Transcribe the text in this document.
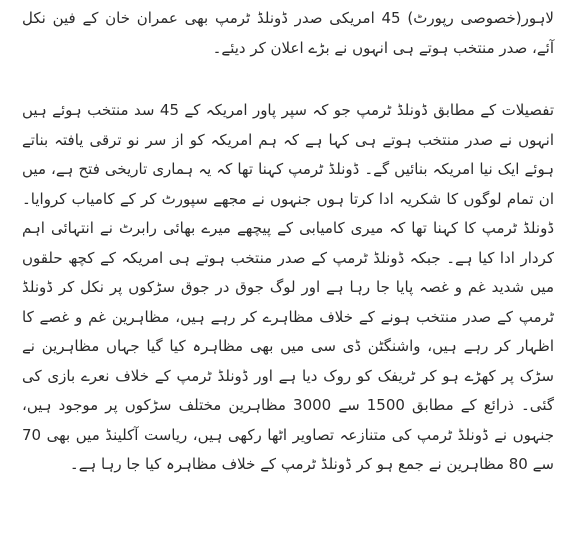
لاہور(خصوصی رپورٹ) 45 امریکی صدر ڈونلڈ ٹرمپ بھی عمران خان کے فین نکل آئے، صدر منتخب ہوتے ہی انہوں نے بڑے اعلان کر دیئے۔

تفصیلات کے مطابق ڈونلڈ ٹرمپ جو کہ سپر پاور امریکہ کے 45 سد منتخب ہوئے ہیں انہوں نے صدر منتخب ہوتے ہی کہا ہے کہ ہم امریکہ کو از سر نو ترقی یافتہ بناتے ہوئے ایک نیا امریکہ بنائیں گے۔ ڈونلڈ ٹرمپ کہنا تھا کہ یہ ہماری تاریخی فتح ہے، میں ان تمام لوگوں کا شکریہ ادا کرتا ہوں جنہوں نے مجھے سپورٹ کر کے کامیاب کروایا۔ ڈونلڈ ٹرمپ کا کہنا تھا کہ میری کامیابی کے پیچھے میرے بھائی رابرٹ نے انتہائی اہم کردار ادا کیا ہے۔ جبکہ ڈونلڈ ٹرمپ کے صدر منتخب ہوتے ہی امریکہ کے کچھ حلقوں میں شدید غم و غصہ پایا جا رہا ہے اور لوگ جوق در جوق سڑکوں پر نکل کر ڈونلڈ ٹرمپ کے صدر منتخب ہونے کے خلاف مظاہرے کر رہے ہیں، مظاہرین غم و غصے کا اظہار کر رہے ہیں، واشنگٹن ڈی سی میں بھی مظاہرہ کیا گیا جہاں مظاہرین نے سڑک پر کھڑے ہو کر ٹریفک کو روک دیا ہے اور ڈونلڈ ٹرمپ کے خلاف نعرے بازی کی گئی۔ ذرائع کے مطابق 1500 سے 3000 مظاہرین مختلف سڑکوں پر موجود ہیں، جنہوں نے ڈونلڈ ٹرمپ کی متنازعہ تصاویر اٹھا رکھی ہیں، ریاست آکلینڈ میں بھی 70 سے 80 مظاہرین نے جمع ہو کر ڈونلڈ ٹرمپ کے خلاف مظاہرہ کیا جا رہا ہے۔
